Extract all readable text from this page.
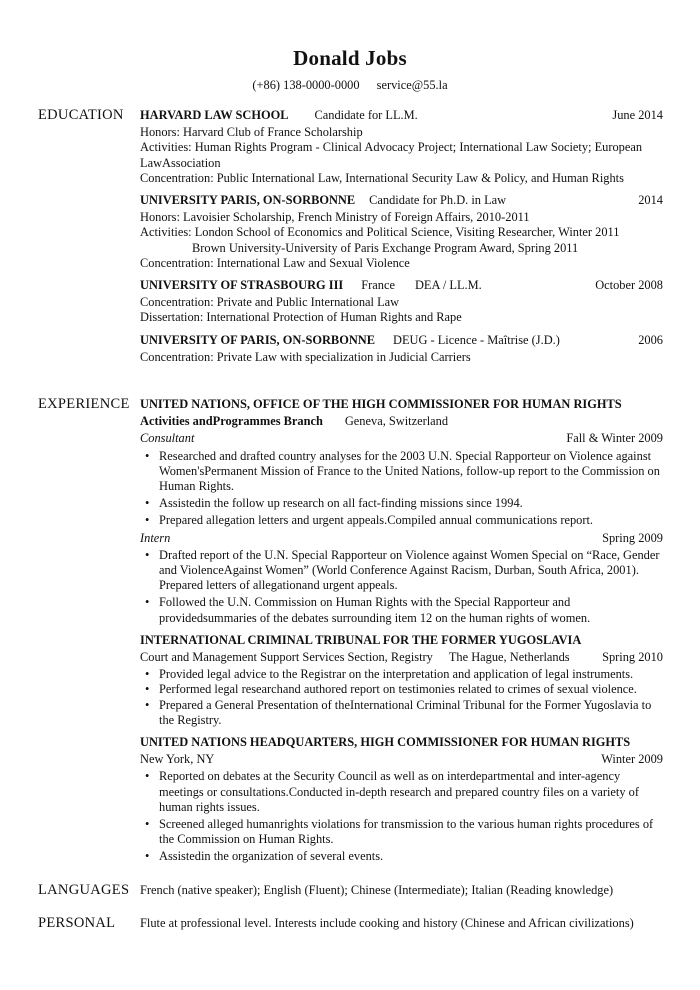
Donald Jobs
(+86) 138-0000-0000 service@55.la
EDUCATION HARVARD LAW SCHOOL Candidate for LL.M.	June 2014
Honors: Harvard Club of France Scholarship
Activities: Human Rights Program - Clinical Advocacy Project; International Law Society; European LawAssociation
Concentration: Public International Law, International Security Law & Policy, and Human Rights
UNIVERSITY PARIS, ON-SORBONNE Candidate for Ph.D. in Law	2014
Honors: Lavoisier Scholarship, French Ministry of Foreign Affairs, 2010-2011
Activities: London School of Economics and Political Science, Visiting Researcher, Winter 2011
Brown University-University of Paris Exchange Program Award, Spring 2011
Concentration: International Law and Sexual Violence
UNIVERSITY OF STRASBOURG III France DEA / LL.M.	October 2008
Concentration: Private and Public International Law
Dissertation: International Protection of Human Rights and Rape
UNIVERSITY OF PARIS, ON-SORBONNE DEUG - Licence - Maîtrise (J.D.)	2006
Concentration: Private Law with specialization in Judicial Carriers
EXPERIENCE UNITED NATIONS, OFFICE OF THE HIGH COMMISSIONER FOR HUMAN RIGHTS
Activities andProgrammes Branch Geneva, Switzerland
Consultant	Fall & Winter 2009
• Researched and drafted country analyses for the 2003 U.N. Special Rapporteur on Violence against Women'sPermanent Mission of France to the United Nations, follow-up report to the Commission on Human Rights.
• Assistedin the follow up research on all fact-finding missions since 1994.
• Prepared allegation letters and urgent appeals.Compiled annual communications report.
Intern	Spring 2009
• Drafted report of the U.N. Special Rapporteur on Violence against Women Special on “Race, Gender and ViolenceAgainst Women” (World Conference Against Racism, Durban, South Africa, 2001). Prepared letters of allegationand urgent appeals.
• Followed the U.N. Commission on Human Rights with the Special Rapporteur and providedsummaries of the debates surrounding item 12 on the human rights of women.
INTERNATIONAL CRIMINAL TRIBUNAL FOR THE FORMER YUGOSLAVIA
Court and Management Support Services Section, Registry The Hague, Netherlands	Spring 2010
• Provided legal advice to the Registrar on the interpretation and application of legal instruments.
• Performed legal researchand authored report on testimonies related to crimes of sexual violence.
• Prepared a General Presentation of theInternational Criminal Tribunal for the Former Yugoslavia to the Registry.
UNITED NATIONS HEADQUARTERS, HIGH COMMISSIONER FOR HUMAN RIGHTS
New York, NY	Winter 2009
• Reported on debates at the Security Council as well as on interdepartmental and inter-agency meetings or consultations.Conducted in-depth research and prepared country files on a variety of human rights issues.
• Screened alleged humanrights violations for transmission to the various human rights procedures of the Commission on Human Rights.
• Assistedin the organization of several events.
LANGUAGES French (native speaker); English (Fluent); Chinese (Intermediate); Italian (Reading knowledge)
PERSONAL Flute at professional level. Interests include cooking and history (Chinese and African civilizations)
